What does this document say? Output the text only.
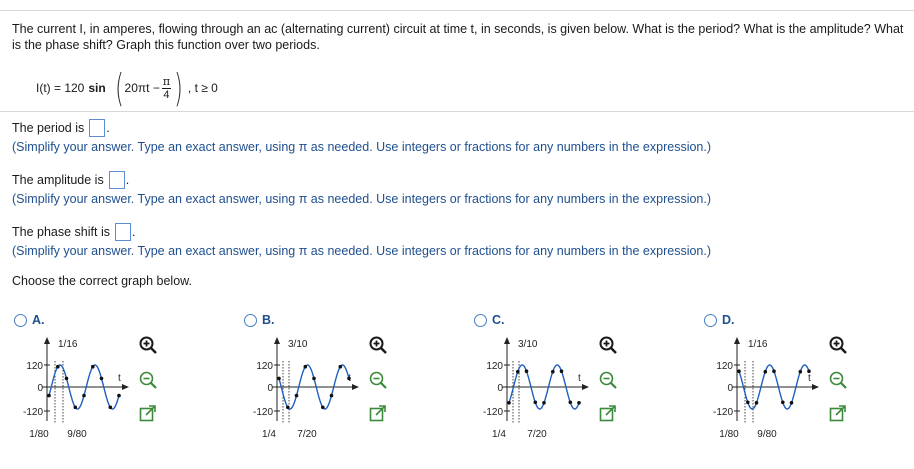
The current I, in amperes, flowing through an ac (alternating current) circuit at time t, in seconds, is given below. What is the period? What is the amplitude? What is the phase shift? Graph this function over two periods.
I(t) = 120 sin ( $20\pi t - \frac{\pi}{4}$ ) , t ≥ 0
The period is .
(Simplify your answer. Type an exact answer, using π as needed. Use integers or fractions for any numbers in the expression.)
The amplitude is .
(Simplify your answer. Type an exact answer, using π as needed. Use integers or fractions for any numbers in the expression.)
The phase shift is .
(Simplify your answer. Type an exact answer, using π as needed. Use integers or fractions for any numbers in the expression.)
Choose the correct graph below.
A.
120
0
-120
1/16
t
1/80 9/80
B.
120
0
-120
3/10
1/4 7/20
C.
120
0
-120
3/10
t
1/4 7/20
D.
120
0
-120
1/16
t
1/80 9/80
